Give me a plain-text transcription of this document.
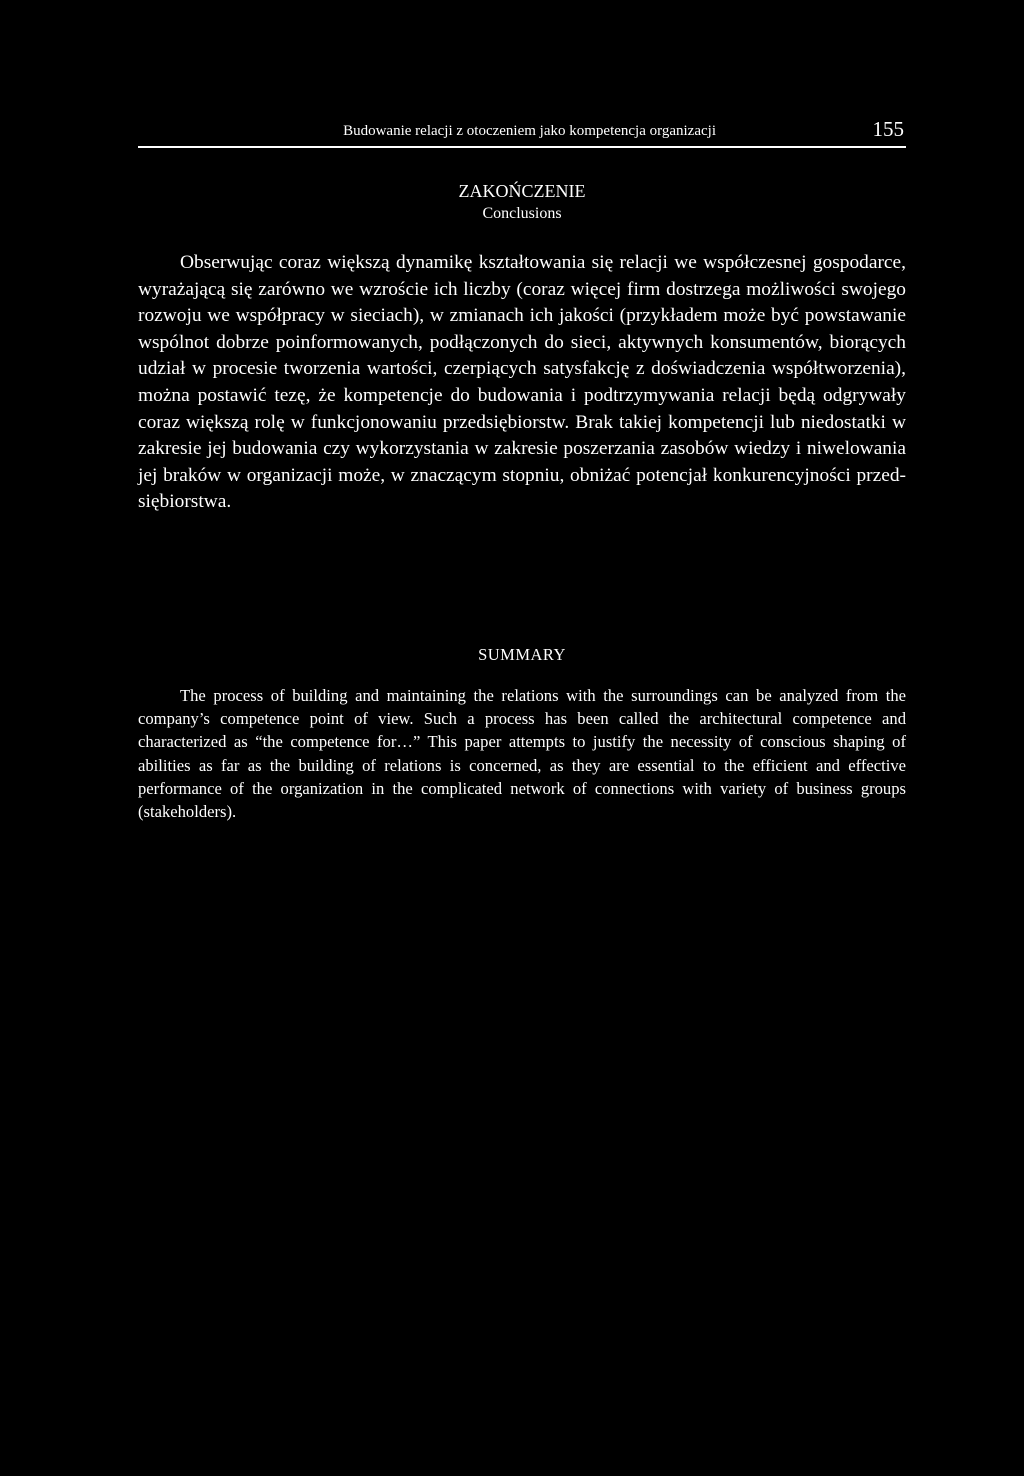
Budowanie relacji z otoczeniem jako kompetencja organizacji	155
ZAKOŃCZENIE
Conclusions

Obserwując coraz większą dynamikę kształtowania się relacji we współczesnej gospodarce, wyrażającą się zarówno we wzroście ich liczby (coraz więcej firm dostrzega możliwości swojego rozwoju we współpracy w sieciach), w zmianach ich jakości (przykładem może być powstawanie wspólnot dobrze poinformowanych, podłączonych do sieci, aktywnych konsumentów, biorących udział w procesie tworzenia wartości, czerpiących satysfakcję z doświadczenia współtworzenia), można postawić tezę, że kompetencje do budowania i podtrzymywania relacji będą odgrywały coraz większą rolę w funkcjonowaniu przedsiębiorstw. Brak takiej kompetencji lub niedostatki w zakresie jej budowania czy wykorzystania w zakresie poszerzania zasobów wiedzy i niwelowania jej braków w organizacji może, w znaczącym stopniu, obniżać potencjał konkurencyjności przedsiębiorstwa.

SUMMARY

The process of building and maintaining the relations with the surroundings can be analyzed from the company’s competence point of view. Such a process has been called the architectural competence and characterized as “the competence for…” This paper attempts to justify the necessity of conscious shaping of abilities as far as the building of relations is concerned, as they are essential to the efficient and effective performance of the organization in the complicated network of connections with variety of business groups (stakeholders).
